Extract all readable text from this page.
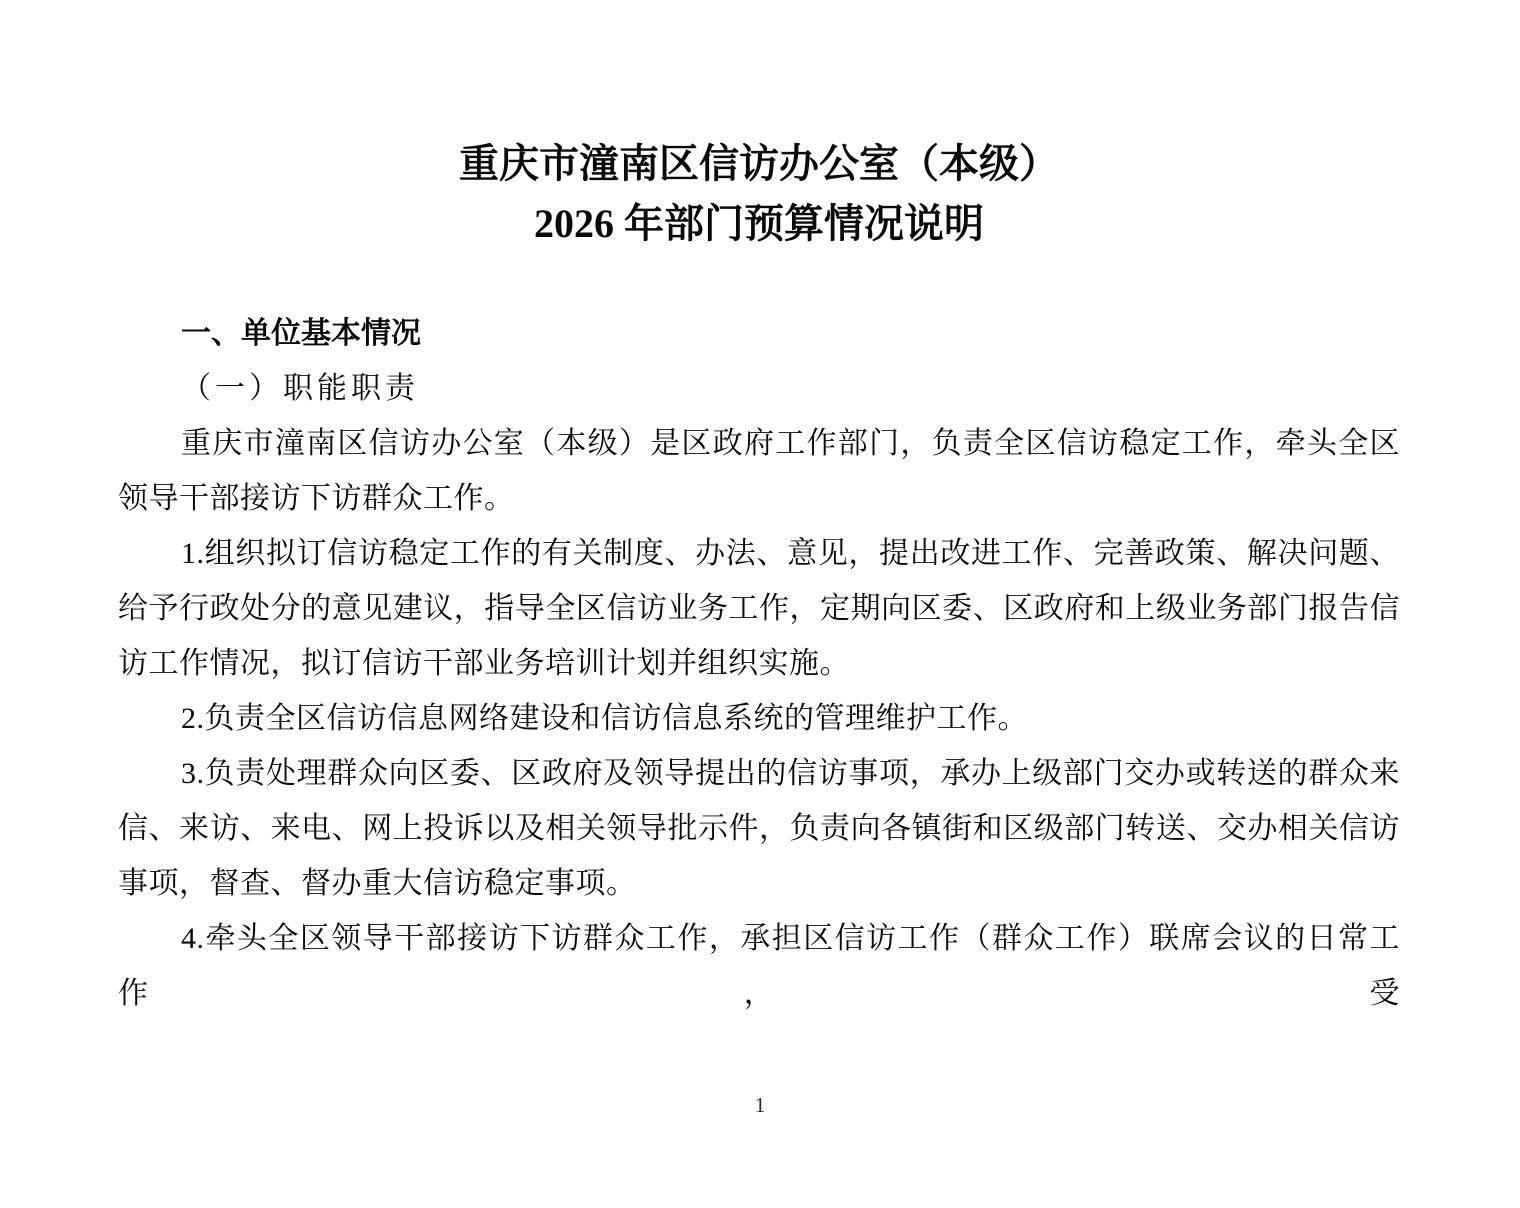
重庆市潼南区信访办公室（本级）
2026 年部门预算情况说明
一、单位基本情况
（一）职能职责

重庆市潼南区信访办公室（本级）是区政府工作部门，负责全区信访稳定工作，牵头全区领导干部接访下访群众工作。

1.组织拟订信访稳定工作的有关制度、办法、意见，提出改进工作、完善政策、解决问题、给予行政处分的意见建议，指导全区信访业务工作，定期向区委、区政府和上级业务部门报告信访工作情况，拟订信访干部业务培训计划并组织实施。

2.负责全区信访信息网络建设和信访信息系统的管理维护工作。

3.负责处理群众向区委、区政府及领导提出的信访事项，承办上级部门交办或转送的群众来信、来访、来电、网上投诉以及相关领导批示件，负责向各镇街和区级部门转送、交办相关信访事项，督查、督办重大信访稳定事项。

4.牵头全区领导干部接访下访群众工作，承担区信访工作（群众工作）联席会议的日常工作，受

1
